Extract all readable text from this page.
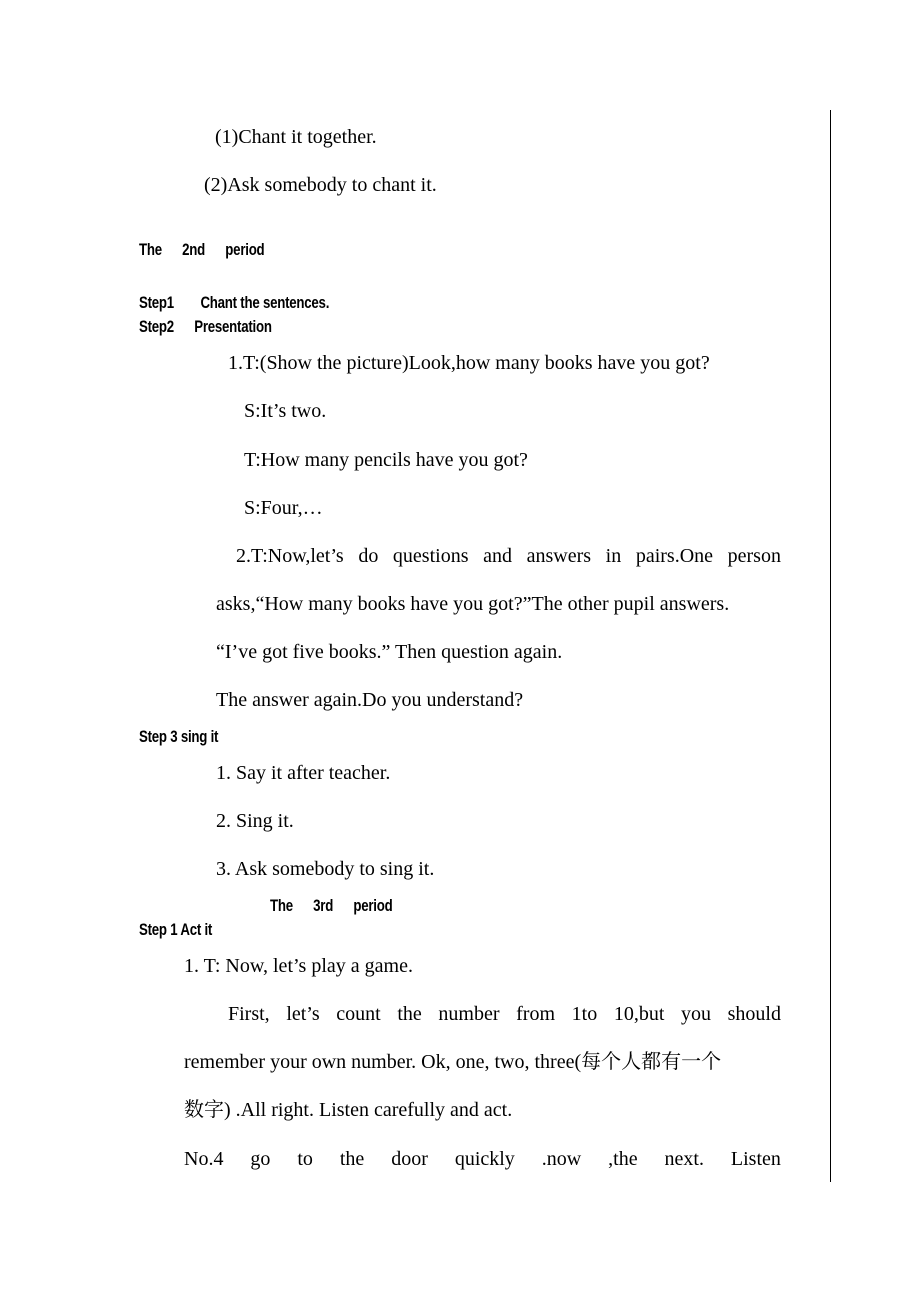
(1)Chant it together.
(2)Ask somebody to chant it.
The 2nd period
Step1 Chant the sentences.
Step2 Presentation
1.T:(Show the picture)Look,how many books have you got?
S:It’s two.
T:How many pencils have you got?
S:Four,…
2.T:Now,let’s do questions and answers in pairs.One person
asks,“How many books have you got?”The other pupil answers.
“I’ve got five books.” Then question again.
The answer again.Do you understand?
Step 3 sing it
1. Say it after teacher.
2. Sing it.
3. Ask somebody to sing it.
The 3rd period
Step 1 Act it
1. T: Now, let’s play a game.
First, let’s count the number from 1to 10,but you should
remember your own number. Ok, one, two, three(每个人都有一个
数字) .All right. Listen carefully and act.
No.4 go to the door quickly .now ,the next. Listen
